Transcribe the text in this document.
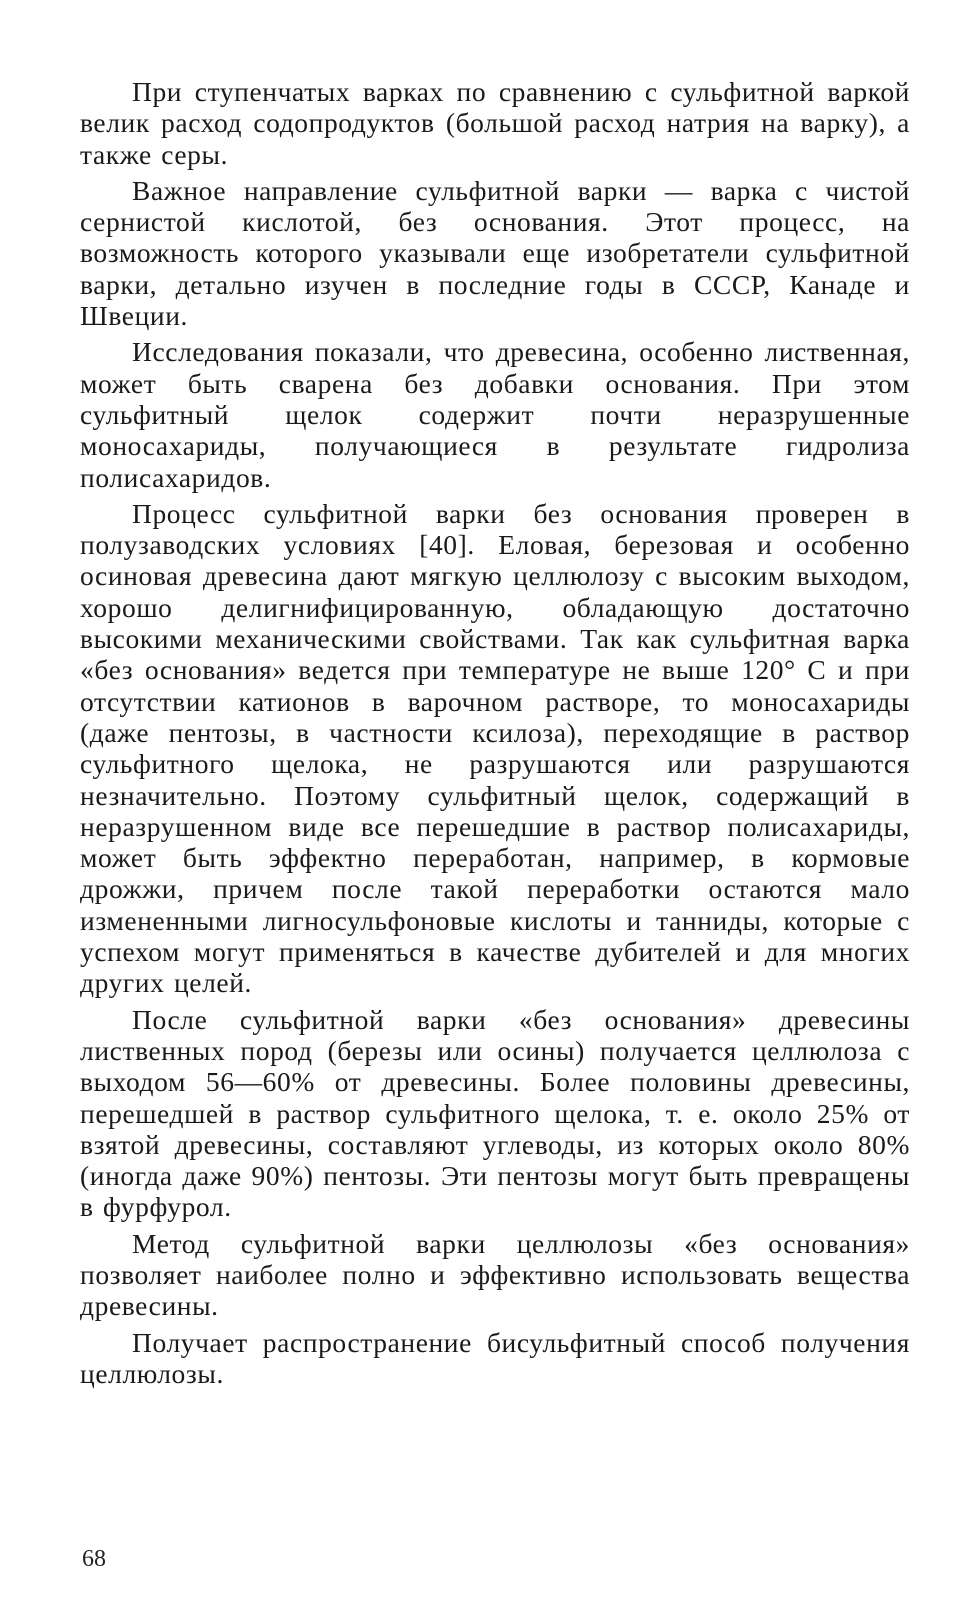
При ступенчатых варках по сравнению с сульфитной варкой велик расход содопродуктов (большой расход натрия на варку), а также серы.

Важное направление сульфитной варки — варка с чистой сернистой кислотой, без основания. Этот процесс, на возможность которого указывали еще изобретатели сульфитной варки, детально изучен в последние годы в СССР, Канаде и Швеции.

Исследования показали, что древесина, особенно лиственная, может быть сварена без добавки основания. При этом сульфитный щелок содержит почти неразрушенные моносахариды, получающиеся в результате гидролиза полисахаридов.

Процесс сульфитной варки без основания проверен в полузаводских условиях [40]. Еловая, березовая и особенно осиновая древесина дают мягкую целлюлозу с высоким выходом, хорошо делигнифицированную, обладающую достаточно высокими механическими свойствами. Так как сульфитная варка «без основания» ведется при температуре не выше 120° С и при отсутствии катионов в варочном растворе, то моносахариды (даже пентозы, в частности ксилоза), переходящие в раствор сульфитного щелока, не разрушаются или разрушаются незначительно. Поэтому сульфитный щелок, содержащий в неразрушенном виде все перешедшие в раствор полисахариды, может быть эффектно переработан, например, в кормовые дрожжи, причем после такой переработки остаются мало измененными лигносульфоновые кислоты и танниды, которые с успехом могут применяться в качестве дубителей и для многих других целей.

После сульфитной варки «без основания» древесины лиственных пород (березы или осины) получается целлюлоза с выходом 56—60% от древесины. Более половины древесины, перешедшей в раствор сульфитного щелока, т. е. около 25% от взятой древесины, составляют углеводы, из которых около 80% (иногда даже 90%) пентозы. Эти пентозы могут быть превращены в фурфурол.

Метод сульфитной варки целлюлозы «без основания» позволяет наиболее полно и эффективно использовать вещества древесины.

Получает распространение бисульфитный способ получения целлюлозы.

68
